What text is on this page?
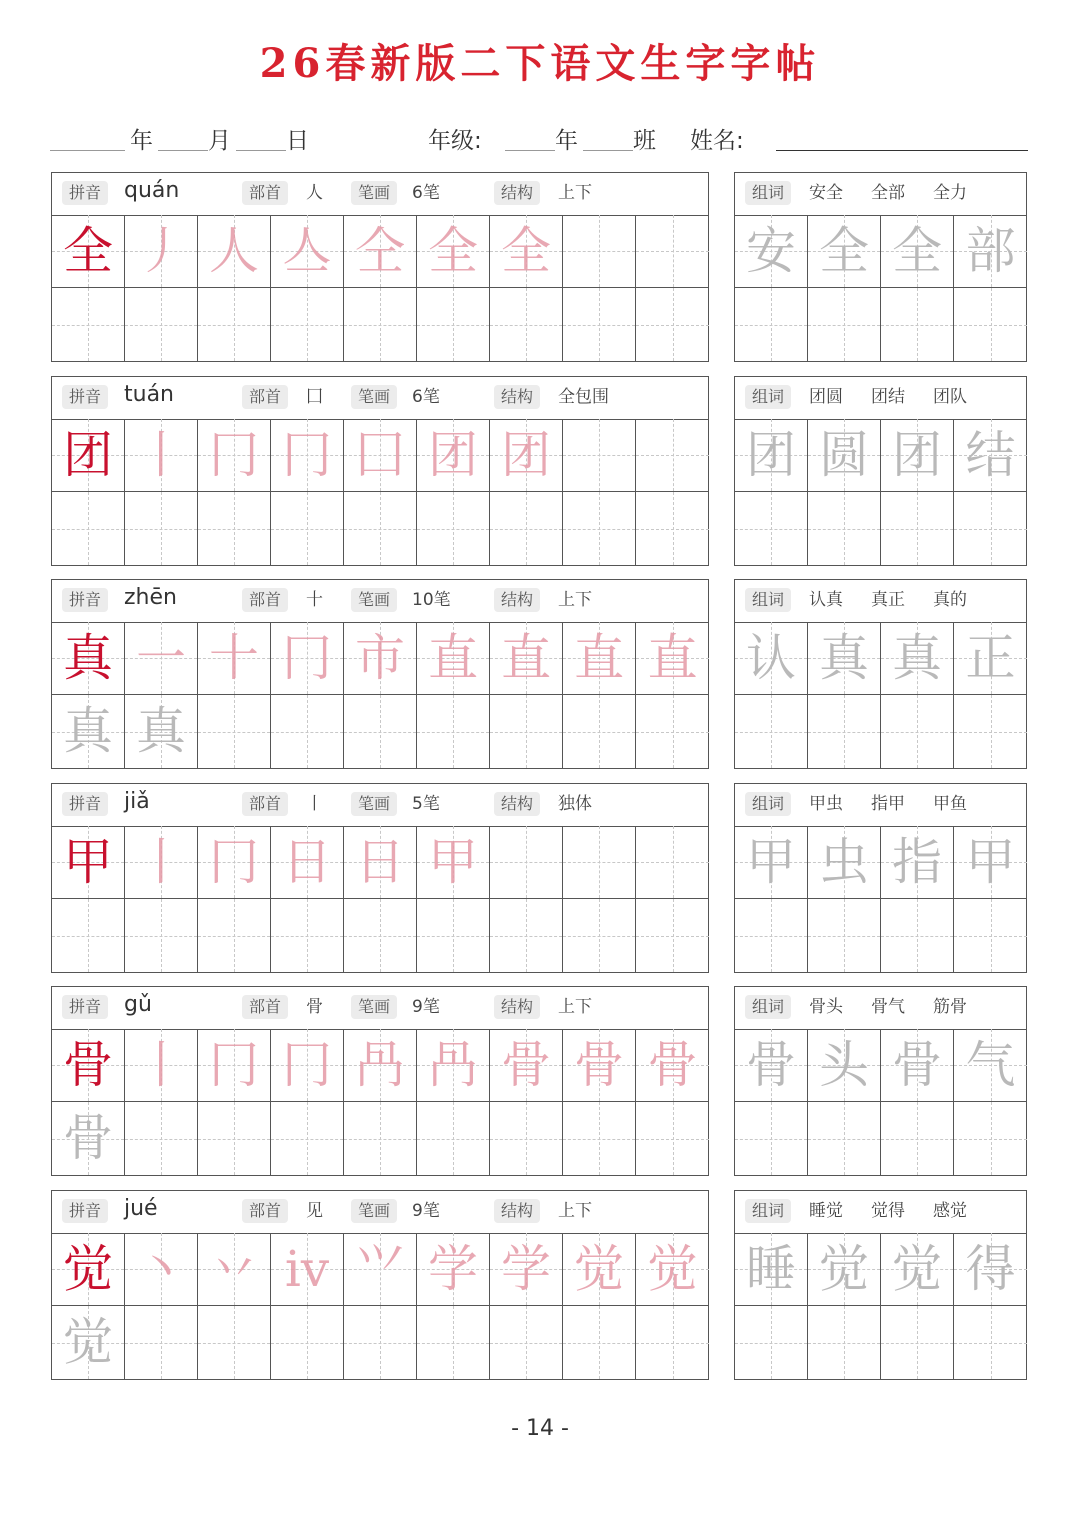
26春新版二下语文生字字帖
年 月 日	年级:	年 班 姓名:
拼音	quán	部首	人	笔画	6笔	结构	上下
全 丿 人 亼 仝 全 全
组词	安全 全部 全力
安 全 全 部
拼音	tuán	部首	囗	笔画	6笔	结构	全包围
团 丨 冂 冂 囗 团 团
组词	团圆 团结 团队
团 圆 团 结
拼音	zhēn	部首	十	笔画	10笔	结构	上下
真 一 十 冂 市 直 直 直 直
真 真
组词	认真 真正 真的
认 真 真 正
拼音	jiǎ	部首	丨	笔画	5笔	结构	独体
甲 丨 冂 日 日 甲
组词	甲虫 指甲 甲鱼
甲 虫 指 甲
拼音	gǔ	部首	骨	笔画	9笔	结构	上下
骨 丨 冂 冂 冎 冎 骨 骨 骨
骨
组词	骨头 骨气 筋骨
骨 头 骨 气
拼音	jué	部首	见	笔画	9笔	结构	上下
觉 丶 丷 ⅳ ⺍ 学 学 觉 觉
觉
组词	睡觉 觉得 感觉
睡 觉 觉 得
- 14 -
